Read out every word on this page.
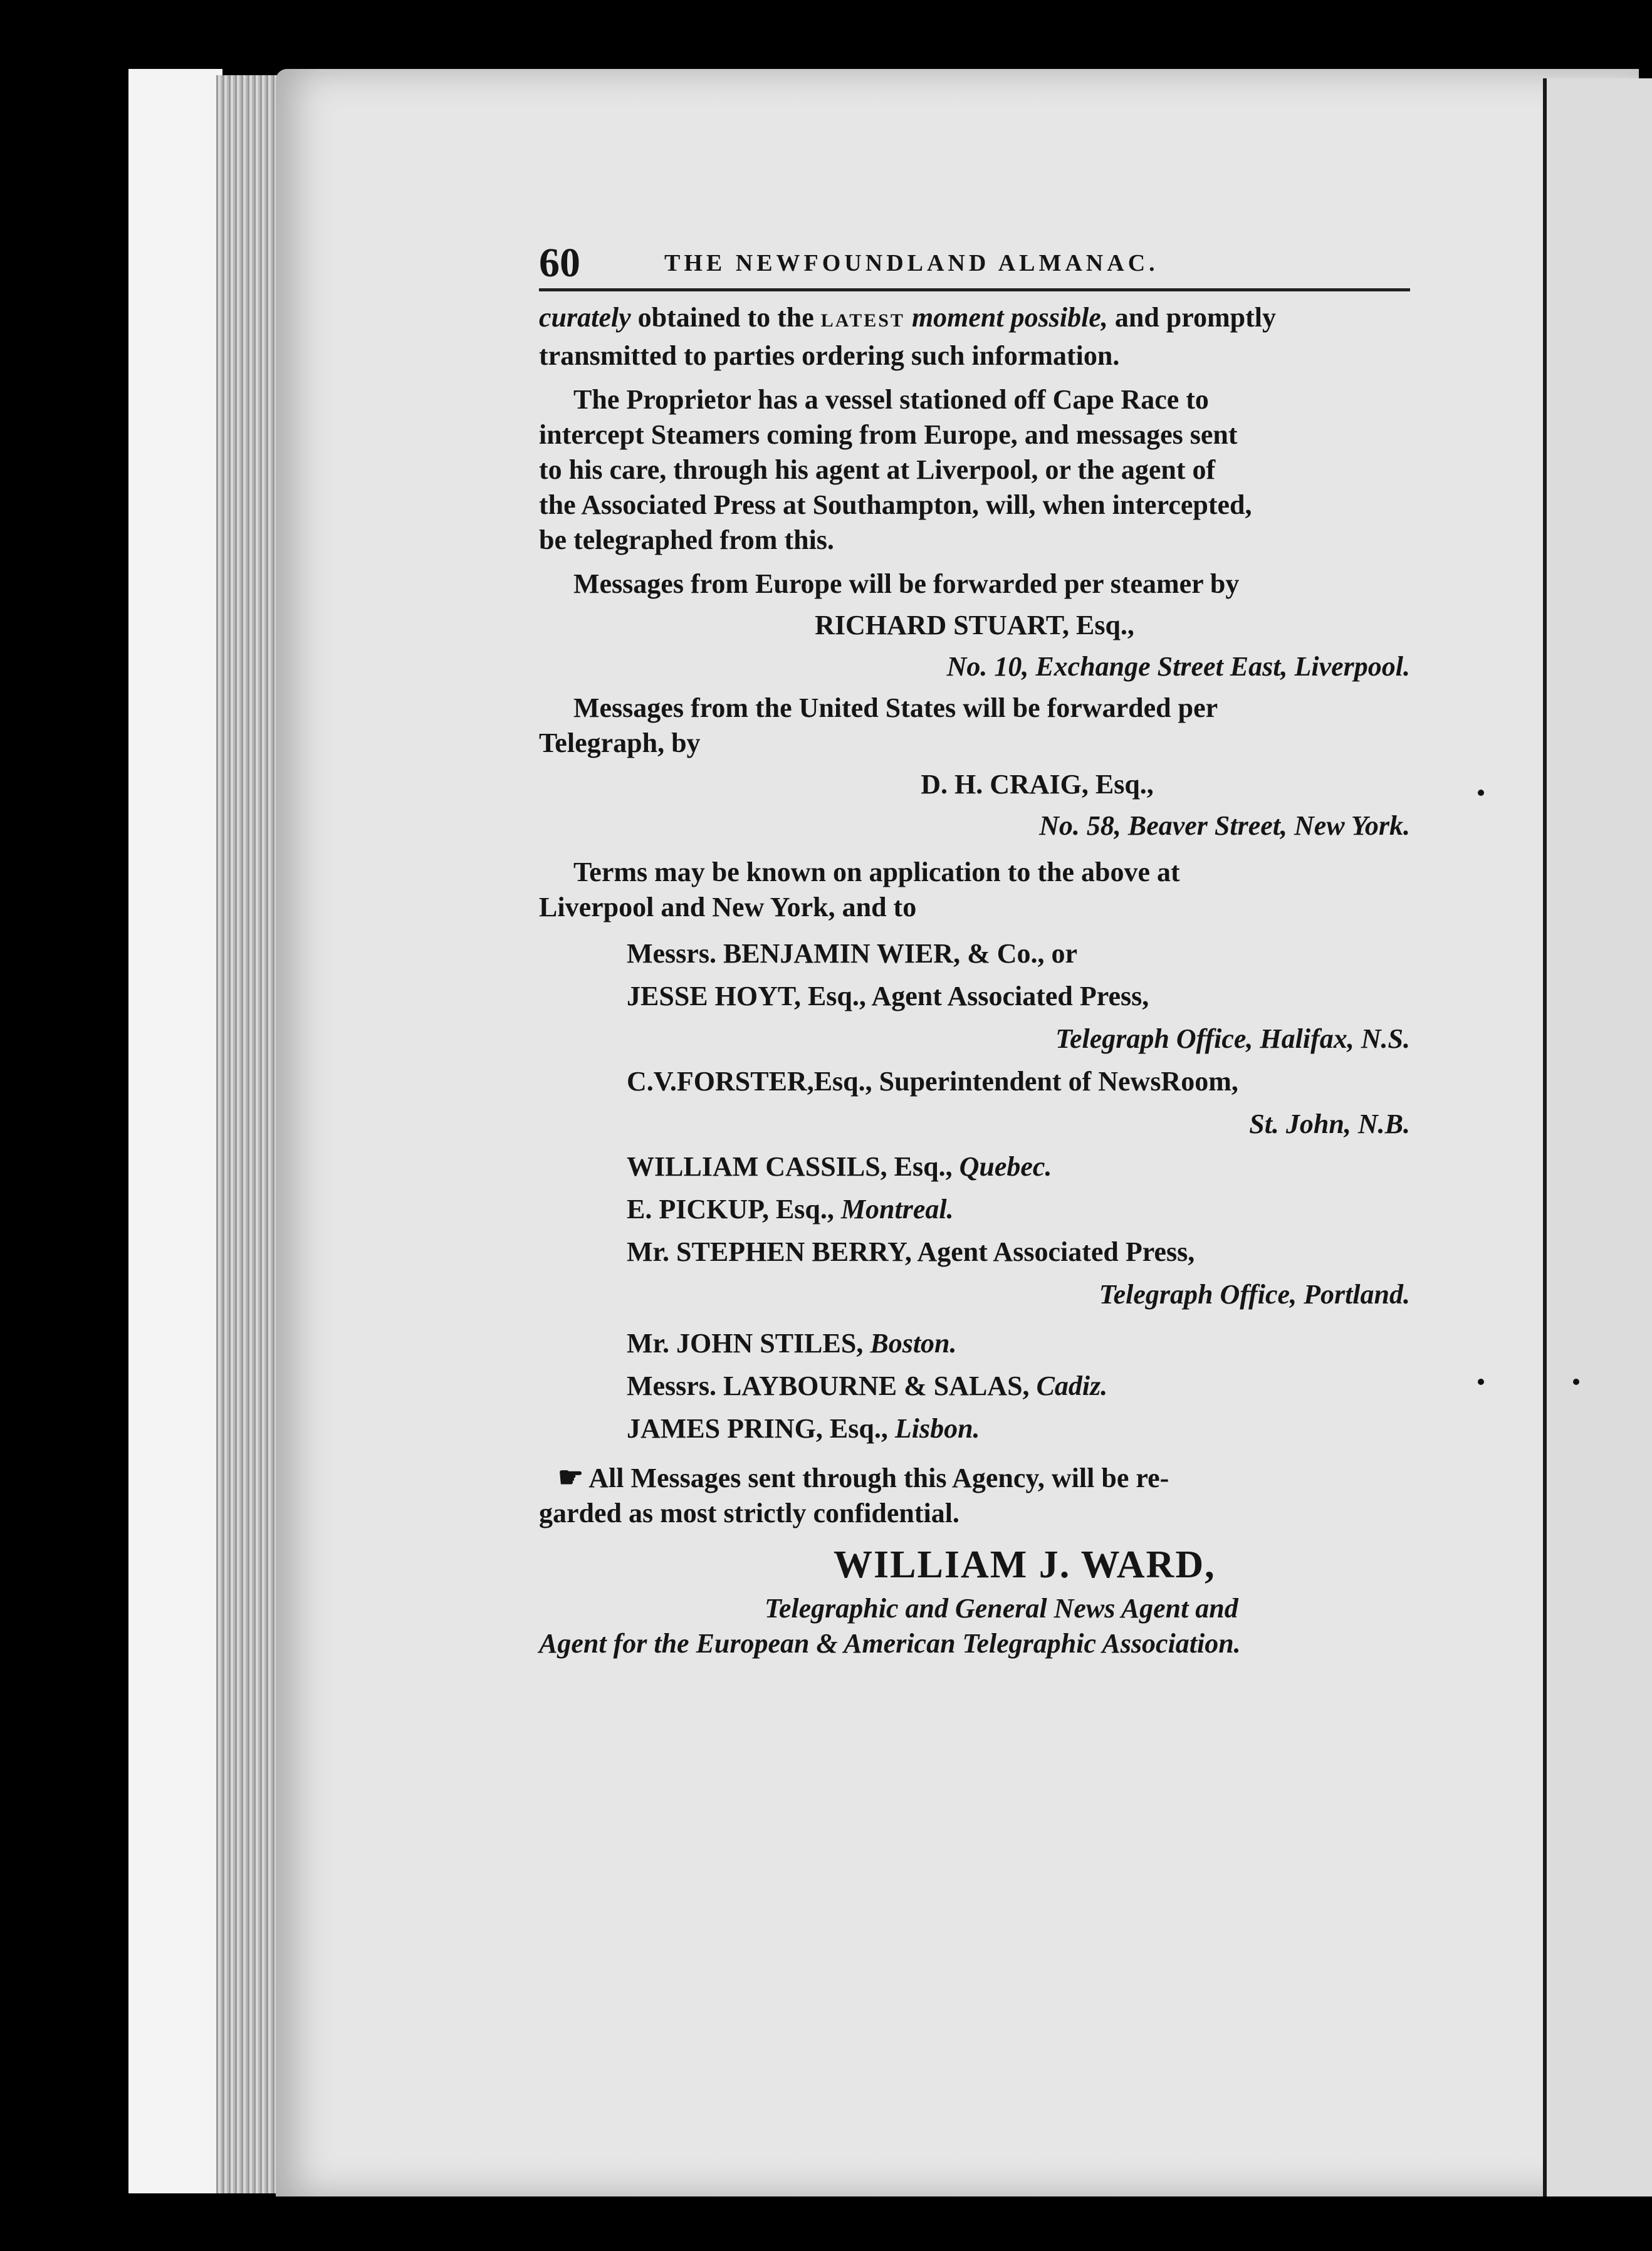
60	THE NEWFOUNDLAND ALMANAC.
curately obtained to the LATEST moment possible, and promptly
transmitted to parties ordering such information.
The Proprietor has a vessel stationed off Cape Race to
intercept Steamers coming from Europe, and messages sent
to his care, through his agent at Liverpool, or the agent of
the Associated Press at Southampton, will, when intercepted,
be telegraphed from this.
Messages from Europe will be forwarded per steamer by
RICHARD STUART, Esq.,
No. 10, Exchange Street East, Liverpool.
Messages from the United States will be forwarded per
Telegraph, by
D. H. CRAIG, Esq.,
No. 58, Beaver Street, New York.
Terms may be known on application to the above at
Liverpool and New York, and to
Messrs. BENJAMIN WIER, & Co., or
JESSE HOYT, Esq., Agent Associated Press,
Telegraph Office, Halifax, N.S.
C.V.FORSTER,Esq., Superintendent of NewsRoom,
St. John, N.B.
WILLIAM CASSILS, Esq., Quebec.
E. PICKUP, Esq., Montreal.
Mr. STEPHEN BERRY, Agent Associated Press,
Telegraph Office, Portland.
Mr. JOHN STILES, Boston.
Messrs. LAYBOURNE & SALAS, Cadiz.
JAMES PRING, Esq., Lisbon.
☛ All Messages sent through this Agency, will be re-
garded as most strictly confidential.
WILLIAM J. WARD,
Telegraphic and General News Agent and
Agent for the European & American Telegraphic Association.
